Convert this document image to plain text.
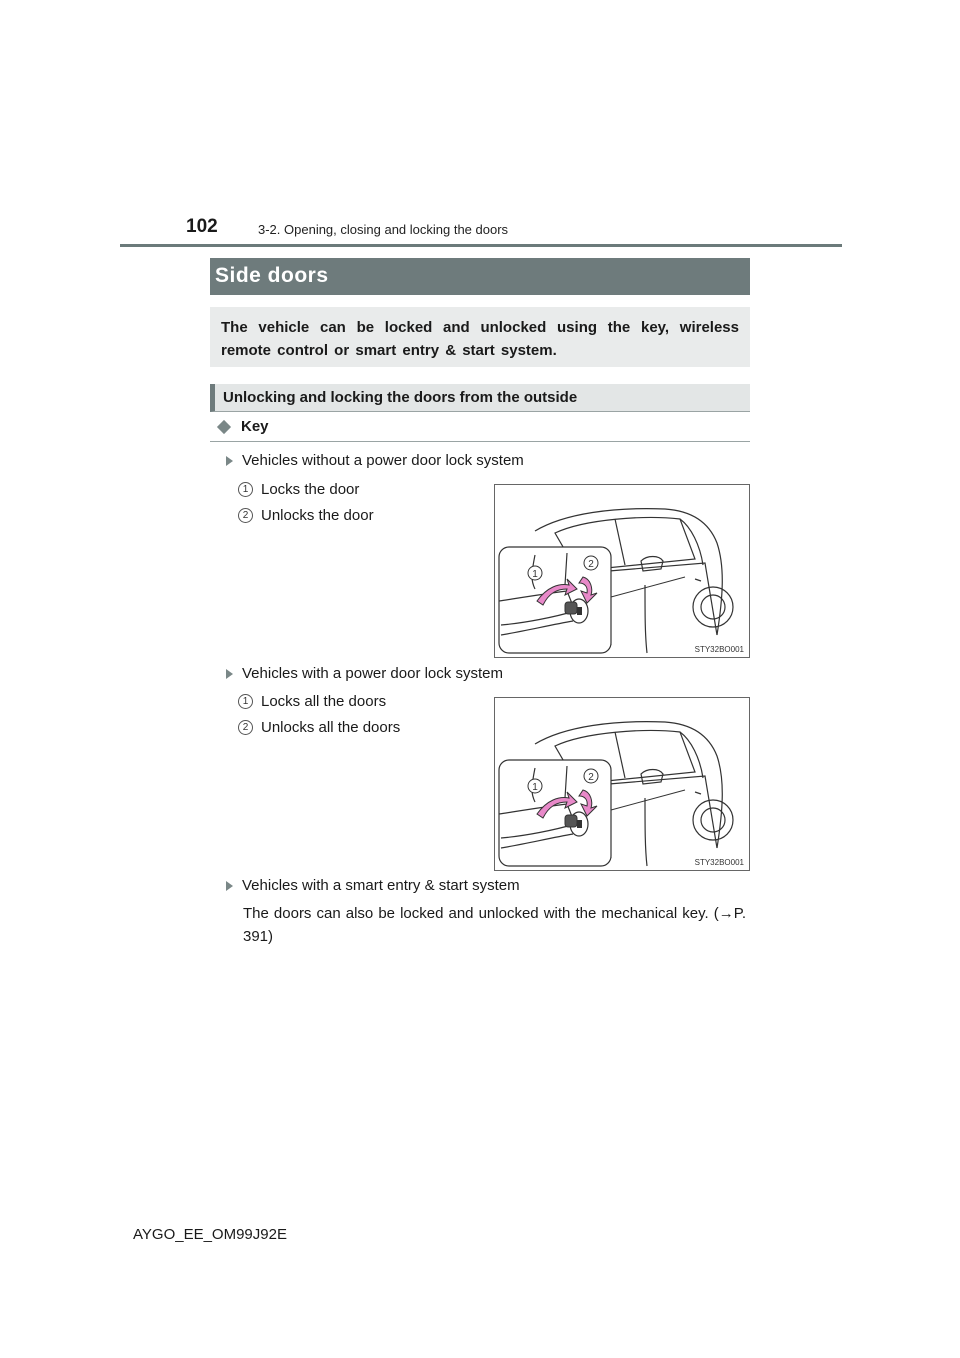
102	3-2. Opening, closing and locking the doors
Side doors
The vehicle can be locked and unlocked using the key, wireless remote control or smart entry & start system.
Unlocking and locking the doors from the outside
Key
Vehicles without a power door lock system
1 Locks the door
2 Unlocks the door
1
2
STY32BO001
Vehicles with a power door lock system
1 Locks all the doors
2 Unlocks all the doors
1
2
STY32BO001
Vehicles with a smart entry & start system
The doors can also be locked and unlocked with the mechanical key. (→P. 391)
AYGO_EE_OM99J92E
